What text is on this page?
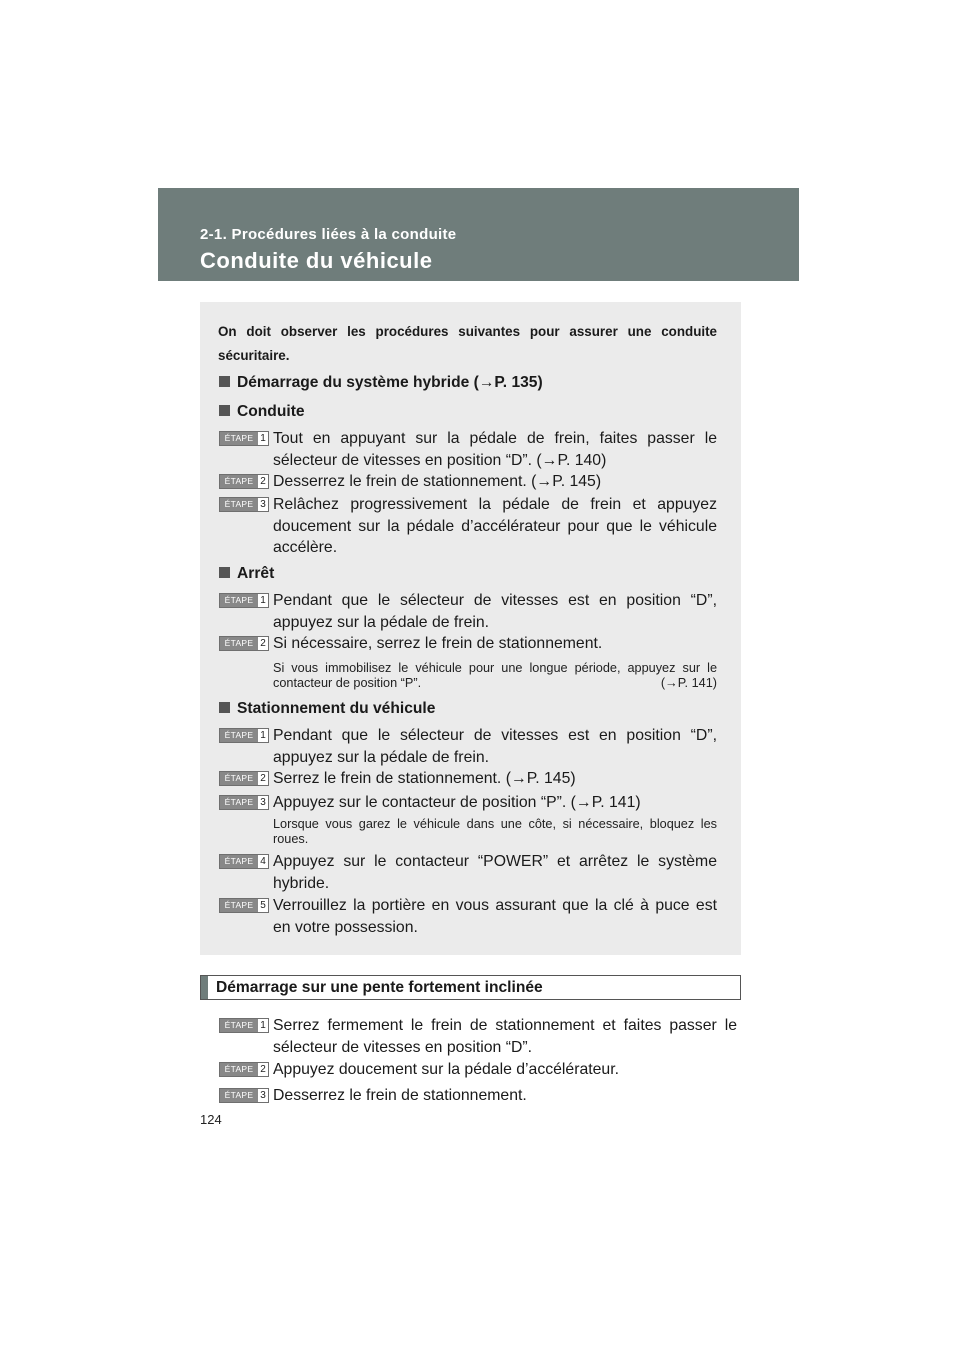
2-1. Procédures liées à la conduite
Conduite du véhicule

On doit observer les procédures suivantes pour assurer une conduite sécuritaire.

Démarrage du système hybride (→P. 135)
Conduite
ÉTAPE 1 Tout en appuyant sur la pédale de frein, faites passer le sélecteur de vitesses en position “D”. (→P. 140)

ÉTAPE 2 Desserrez le frein de stationnement. (→P. 145)

ÉTAPE 3 Relâchez progressivement la pédale de frein et appuyez doucement sur la pédale d’accélérateur pour que le véhicule accélère.

Arrêt
ÉTAPE 1 Pendant que le sélecteur de vitesses est en position “D”, appuyez sur la pédale de frein.

ÉTAPE 2 Si nécessaire, serrez le frein de stationnement.

Si vous immobilisez le véhicule pour une longue période, appuyez sur le contacteur de position “P”.	(→P. 141)

Stationnement du véhicule
ÉTAPE 1 Pendant que le sélecteur de vitesses est en position “D”, appuyez sur la pédale de frein.

ÉTAPE 2 Serrez le frein de stationnement. (→P. 145)

ÉTAPE 3 Appuyez sur le contacteur de position “P”. (→P. 141)

Lorsque vous garez le véhicule dans une côte, si nécessaire, bloquez les roues.

ÉTAPE 4 Appuyez sur le contacteur “POWER” et arrêtez le système hybride.

ÉTAPE 5 Verrouillez la portière en vous assurant que la clé à puce est en votre possession.

Démarrage sur une pente fortement inclinée
ÉTAPE 1 Serrez fermement le frein de stationnement et faites passer le sélecteur de vitesses en position “D”.

ÉTAPE 2 Appuyez doucement sur la pédale d’accélérateur.

ÉTAPE 3 Desserrez le frein de stationnement.

124
